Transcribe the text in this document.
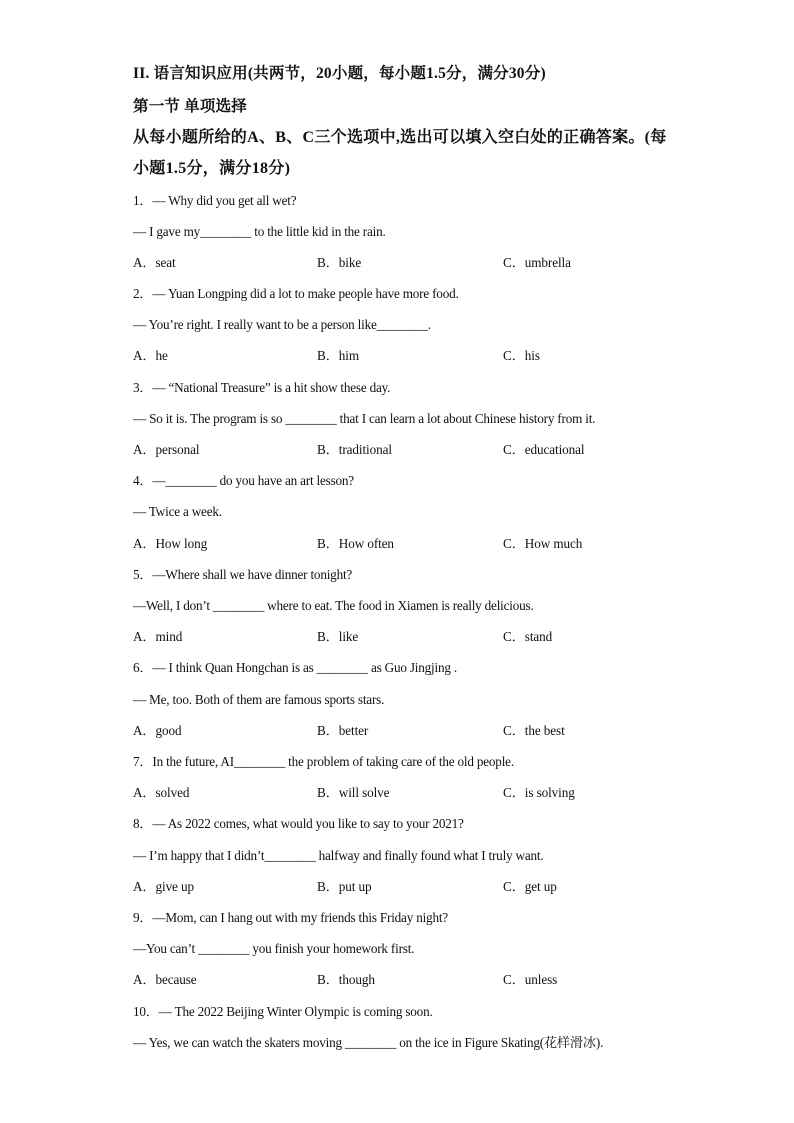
II. 语言知识应用(共两节，20小题，每小题1.5分，满分30分)
第一节 单项选择
从每小题所给的A、B、C三个选项中,选出可以填入空白处的正确答案。(每小题1.5分，满分18分)
1．— Why did you get all wet?
— I gave my________ to the little kid in the rain.
A．seat	B．bike	C．umbrella
2．— Yuan Longping did a lot to make people have more food.
— You’re right. I really want to be a person like________.
A．he	B．him	C．his
3．— “National Treasure” is a hit show these day.
— So it is. The program is so ________ that I can learn a lot about Chinese history from it.
A．personal	B．traditional	C．educational
4．—________ do you have an art lesson?
— Twice a week.
A．How long	B．How often	C．How much
5．—Where shall we have dinner tonight?
—Well, I don’t ________ where to eat. The food in Xiamen is really delicious.
A．mind	B．like	C．stand
6．— I think Quan Hongchan is as ________ as Guo Jingjing .
— Me, too. Both of them are famous sports stars.
A．good	B．better	C．the best
7．In the future, AI________ the problem of taking care of the old people.
A．solved	B．will solve	C．is solving
8．— As 2022 comes, what would you like to say to your 2021?
— I’m happy that I didn’t________ halfway and finally found what I truly want.
A．give up	B．put up	C．get up
9．—Mom, can I hang out with my friends this Friday night?
—You can’t ________ you finish your homework first.
A．because	B．though	C．unless
10．— The 2022 Beijing Winter Olympic is coming soon.
— Yes, we can watch the skaters moving ________ on the ice in Figure Skating(花样滑冰).
